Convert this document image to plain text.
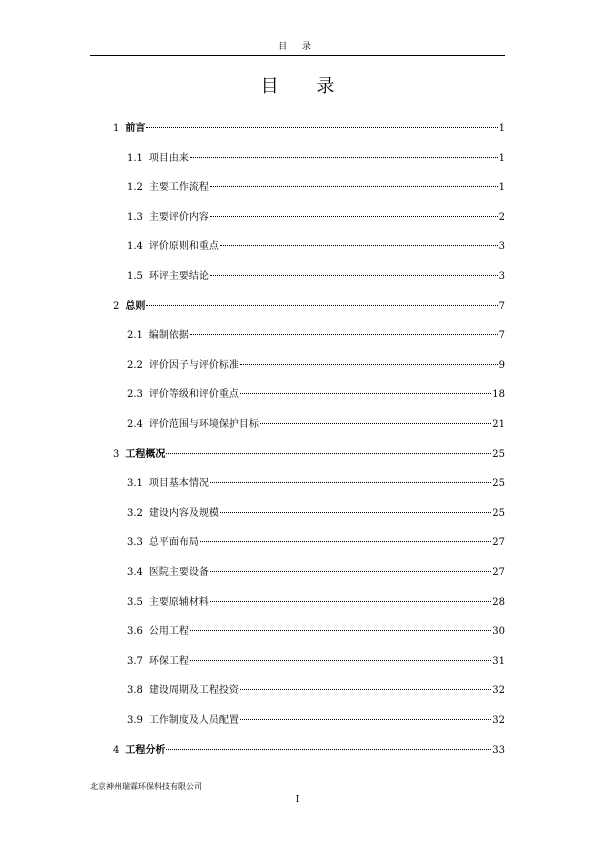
目 录
目 录
1 前言	1
1.1 项目由来	1
1.2 主要工作流程	1
1.3 主要评价内容	2
1.4 评价原则和重点	3
1.5 环评主要结论	3
2 总则	7
2.1 编制依据	7
2.2 评价因子与评价标准	9
2.3 评价等级和评价重点	18
2.4 评价范围与环境保护目标	21
3 工程概况	25
3.1 项目基本情况	25
3.2 建设内容及规模	25
3.3 总平面布局	27
3.4 医院主要设备	27
3.5 主要原辅材料	28
3.6 公用工程	30
3.7 环保工程	31
3.8 建设周期及工程投资	32
3.9 工作制度及人员配置	32
4 工程分析	33
北京神州瑞霖环保科技有限公司
I
